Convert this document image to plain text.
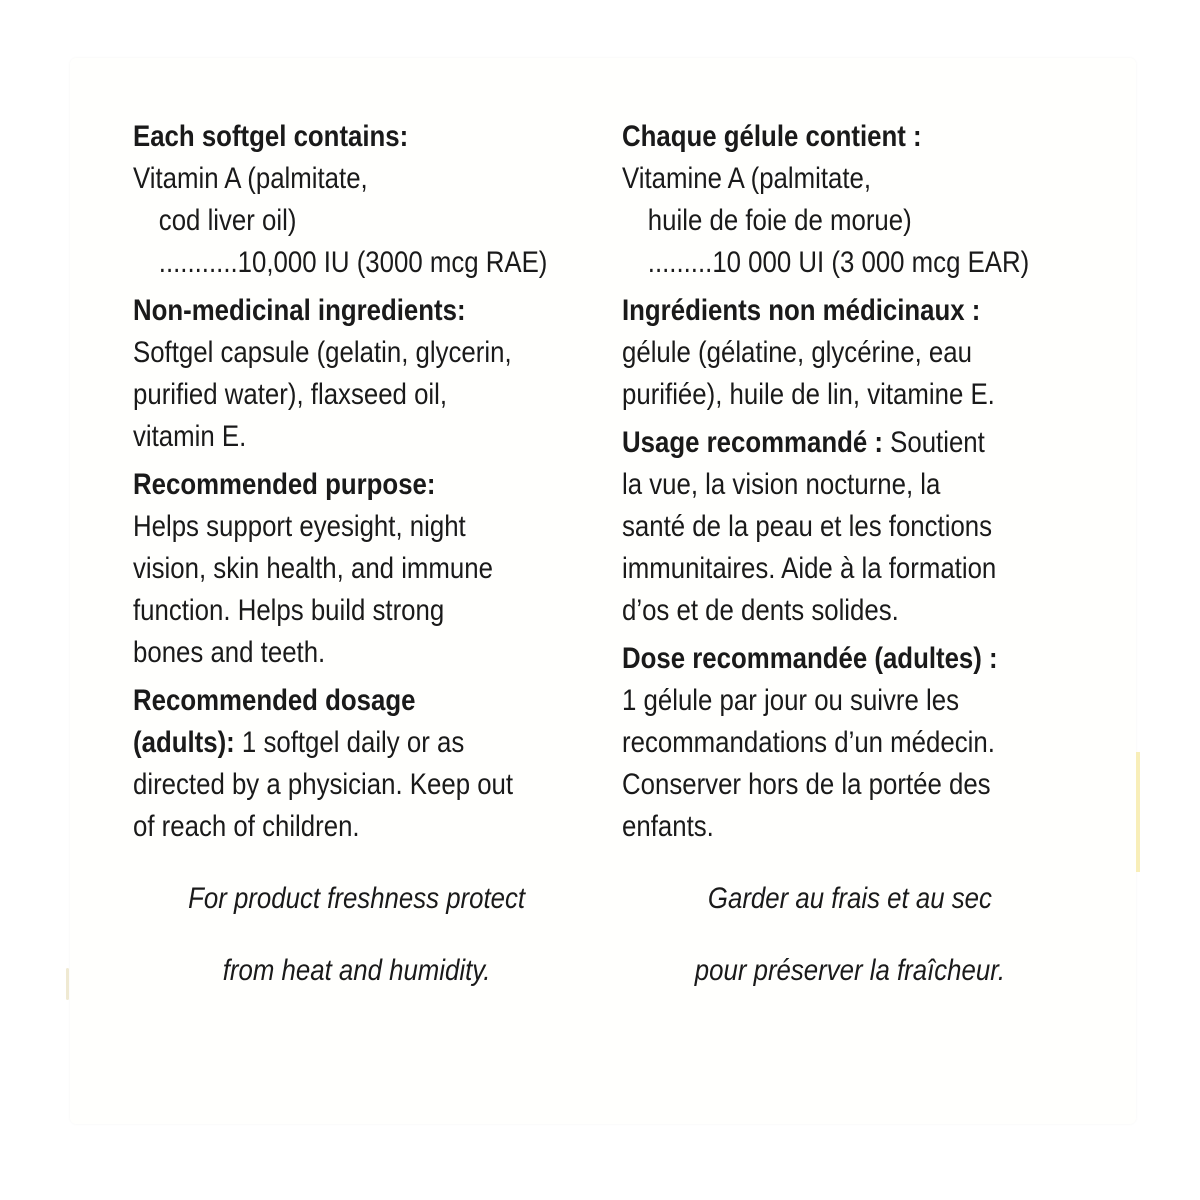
Each softgel contains:

Vitamin A (palmitate,

cod liver oil)

...........10,000 IU (3000 mcg RAE)

Non-medicinal ingredients:

Softgel capsule (gelatin, glycerin,

purified water), flaxseed oil,

vitamin E.

Recommended purpose:

Helps support eyesight, night

vision, skin health, and immune

function. Helps build strong

bones and teeth.

Recommended dosage

(adults): 1 softgel daily or as

directed by a physician. Keep out

of reach of children.

For product freshness protect

from heat and humidity.

Chaque gélule contient :

Vitamine A (palmitate,

huile de foie de morue)

.........10 000 UI (3 000 mcg EAR)

Ingrédients non médicinaux :

gélule (gélatine, glycérine, eau

purifiée), huile de lin, vitamine E.

Usage recommandé : Soutient

la vue, la vision nocturne, la

santé de la peau et les fonctions

immunitaires. Aide à la formation

d’os et de dents solides.

Dose recommandée (adultes) :

1 gélule par jour ou suivre les

recommandations d’un médecin.

Conserver hors de la portée des

enfants.

Garder au frais et au sec

pour préserver la fraîcheur.
